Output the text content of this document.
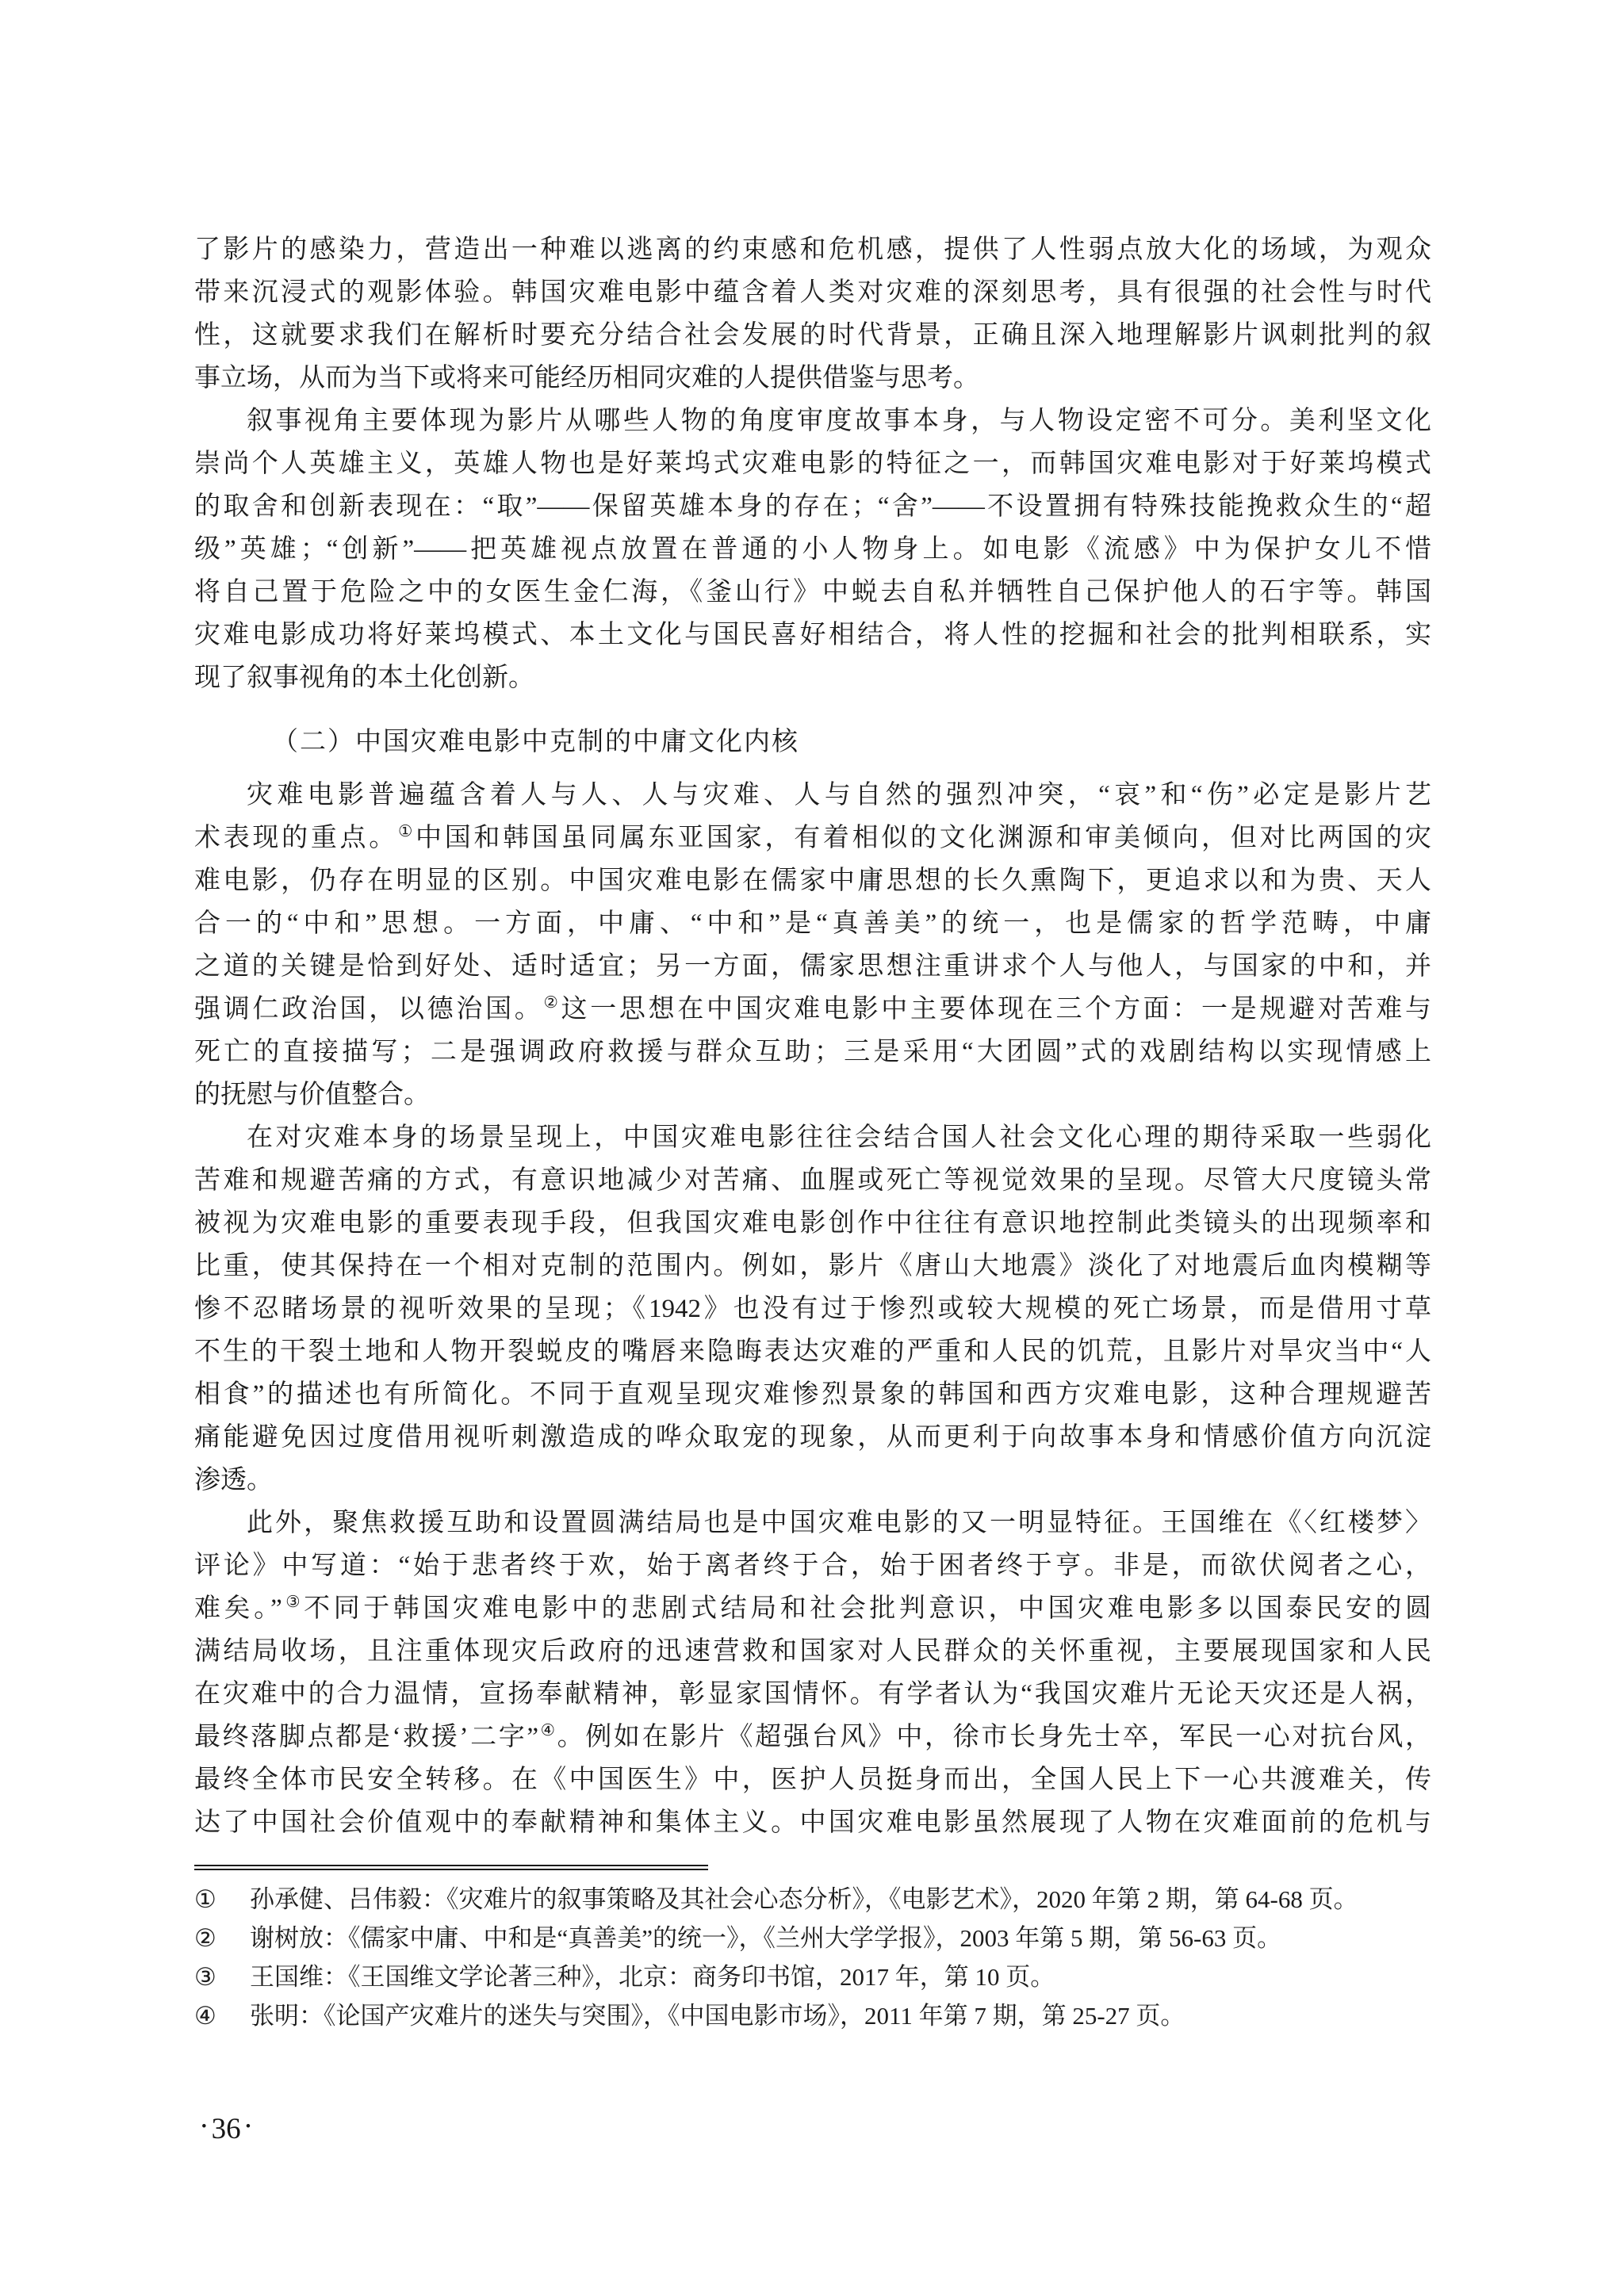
了影片的感染力，营造出一种难以逃离的约束感和危机感，提供了人性弱点放大化的场域，为观众
带来沉浸式的观影体验。韩国灾难电影中蕴含着人类对灾难的深刻思考，具有很强的社会性与时代
性，这就要求我们在解析时要充分结合社会发展的时代背景，正确且深入地理解影片讽刺批判的叙
事立场，从而为当下或将来可能经历相同灾难的人提供借鉴与思考。
叙事视角主要体现为影片从哪些人物的角度审度故事本身，与人物设定密不可分。美利坚文化
崇尚个人英雄主义，英雄人物也是好莱坞式灾难电影的特征之一，而韩国灾难电影对于好莱坞模式
的取舍和创新表现在：“取”——保留英雄本身的存在；“舍”——不设置拥有特殊技能挽救众生的“超
级”英雄；“创新”——把英雄视点放置在普通的小人物身上。如电影《流感》中为保护女儿不惜
将自己置于危险之中的女医生金仁海，《釜山行》中蜕去自私并牺牲自己保护他人的石宇等。韩国
灾难电影成功将好莱坞模式、本土文化与国民喜好相结合，将人性的挖掘和社会的批判相联系，实
现了叙事视角的本土化创新。
（二）中国灾难电影中克制的中庸文化内核
灾难电影普遍蕴含着人与人、人与灾难、人与自然的强烈冲突，“哀”和“伤”必定是影片艺
术表现的重点。①中国和韩国虽同属东亚国家，有着相似的文化渊源和审美倾向，但对比两国的灾
难电影，仍存在明显的区别。中国灾难电影在儒家中庸思想的长久熏陶下，更追求以和为贵、天人
合一的“中和”思想。一方面，中庸、“中和”是“真善美”的统一，也是儒家的哲学范畴，中庸
之道的关键是恰到好处、适时适宜；另一方面，儒家思想注重讲求个人与他人，与国家的中和，并
强调仁政治国，以德治国。②这一思想在中国灾难电影中主要体现在三个方面：一是规避对苦难与
死亡的直接描写；二是强调政府救援与群众互助；三是采用“大团圆”式的戏剧结构以实现情感上
的抚慰与价值整合。
在对灾难本身的场景呈现上，中国灾难电影往往会结合国人社会文化心理的期待采取一些弱化
苦难和规避苦痛的方式，有意识地减少对苦痛、血腥或死亡等视觉效果的呈现。尽管大尺度镜头常
被视为灾难电影的重要表现手段，但我国灾难电影创作中往往有意识地控制此类镜头的出现频率和
比重，使其保持在一个相对克制的范围内。例如，影片《唐山大地震》淡化了对地震后血肉模糊等
惨不忍睹场景的视听效果的呈现；《1942》也没有过于惨烈或较大规模的死亡场景，而是借用寸草
不生的干裂土地和人物开裂蜕皮的嘴唇来隐晦表达灾难的严重和人民的饥荒，且影片对旱灾当中“人
相食”的描述也有所简化。不同于直观呈现灾难惨烈景象的韩国和西方灾难电影，这种合理规避苦
痛能避免因过度借用视听刺激造成的哗众取宠的现象，从而更利于向故事本身和情感价值方向沉淀
渗透。
此外，聚焦救援互助和设置圆满结局也是中国灾难电影的又一明显特征。王国维在《〈红楼梦〉
评论》中写道：“始于悲者终于欢，始于离者终于合，始于困者终于亨。非是，而欲伏阅者之心，
难矣。”③不同于韩国灾难电影中的悲剧式结局和社会批判意识，中国灾难电影多以国泰民安的圆
满结局收场，且注重体现灾后政府的迅速营救和国家对人民群众的关怀重视，主要展现国家和人民
在灾难中的合力温情，宣扬奉献精神，彰显家国情怀。有学者认为“我国灾难片无论天灾还是人祸，
最终落脚点都是‘救援’二字”④。例如在影片《超强台风》中，徐市长身先士卒，军民一心对抗台风，
最终全体市民安全转移。在《中国医生》中，医护人员挺身而出，全国人民上下一心共渡难关，传
达了中国社会价值观中的奉献精神和集体主义。中国灾难电影虽然展现了人物在灾难面前的危机与
① 孙承健、吕伟毅：《灾难片的叙事策略及其社会心态分析》，《电影艺术》，2020 年第 2 期，第 64-68 页。
② 谢树放：《儒家中庸、中和是“真善美”的统一》，《兰州大学学报》，2003 年第 5 期，第 56-63 页。
③ 王国维：《王国维文学论著三种》，北京：商务印书馆，2017 年，第 10 页。
④ 张明：《论国产灾难片的迷失与突围》，《中国电影市场》，2011 年第 7 期，第 25-27 页。
• 36 •
